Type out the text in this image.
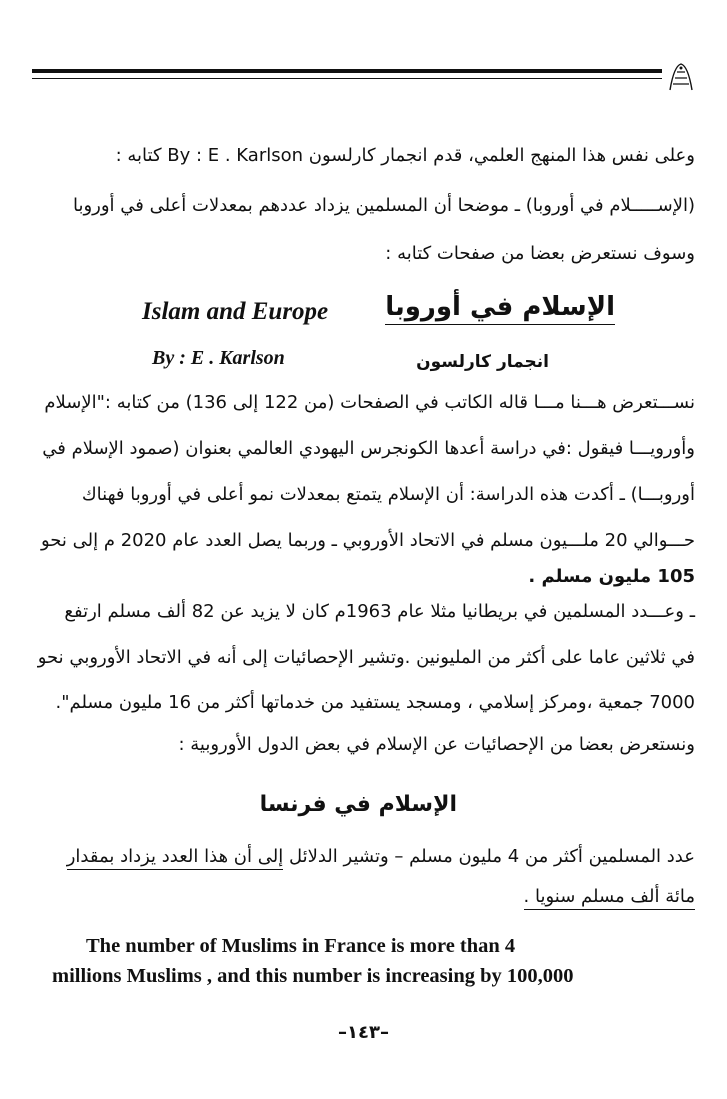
وعلى نفس هذا المنهج العلمي، قدم انجمار كارلسون By : E . Karlson كتابه :
(الإســـــلام في أوروبا) ـ موضحا أن المسلمين يزداد عددهم بمعدلات أعلى في أوروبا
وسوف نستعرض بعضا من صفحات كتابه :
الإسلام في أوروبا
Islam and Europe
انجمار كارلسون
By : E . Karlson
نســـتعرض هـــنا مـــا قاله الكاتب في الصفحات (من 122 إلى 136) من كتابه :"الإسلام
وأورويـــا فيقول :في دراسة أعدها الكونجرس اليهودي العالمي بعنوان (صمود الإسلام في
أوروبـــا) ـ أكدت هذه الدراسة: أن الإسلام يتمتع بمعدلات نمو أعلى في أوروبا فهناك
حـــوالي 20 ملـــيون مسلم في الاتحاد الأوروبي ـ وربما يصل العدد عام 2020 م إلى نحو
105 مليون مسلم .
ـ وعـــدد المسلمين في بريطانيا مثلا عام 1963م كان لا يزيد عن 82 ألف مسلم ارتفع
في ثلاثين عاما على أكثر من المليونين .وتشير الإحصائيات إلى أنه في الاتحاد الأوروبي نحو
7000 جمعية ،ومركز إسلامي ، ومسجد يستفيد من خدماتها أكثر من 16 مليون مسلم".
ونستعرض بعضا من الإحصائيات عن الإسلام في بعض الدول الأوروبية :
الإسلام في فرنسا
عدد المسلمين أكثر من 4 مليون مسلم – وتشير الدلائل إلى أن هذا العدد يزداد بمقدار
مائة ألف مسلم سنويا .
The number of Muslims in France is more than 4
millions Muslims , and this number is increasing by 100,000
–١٤٣–
